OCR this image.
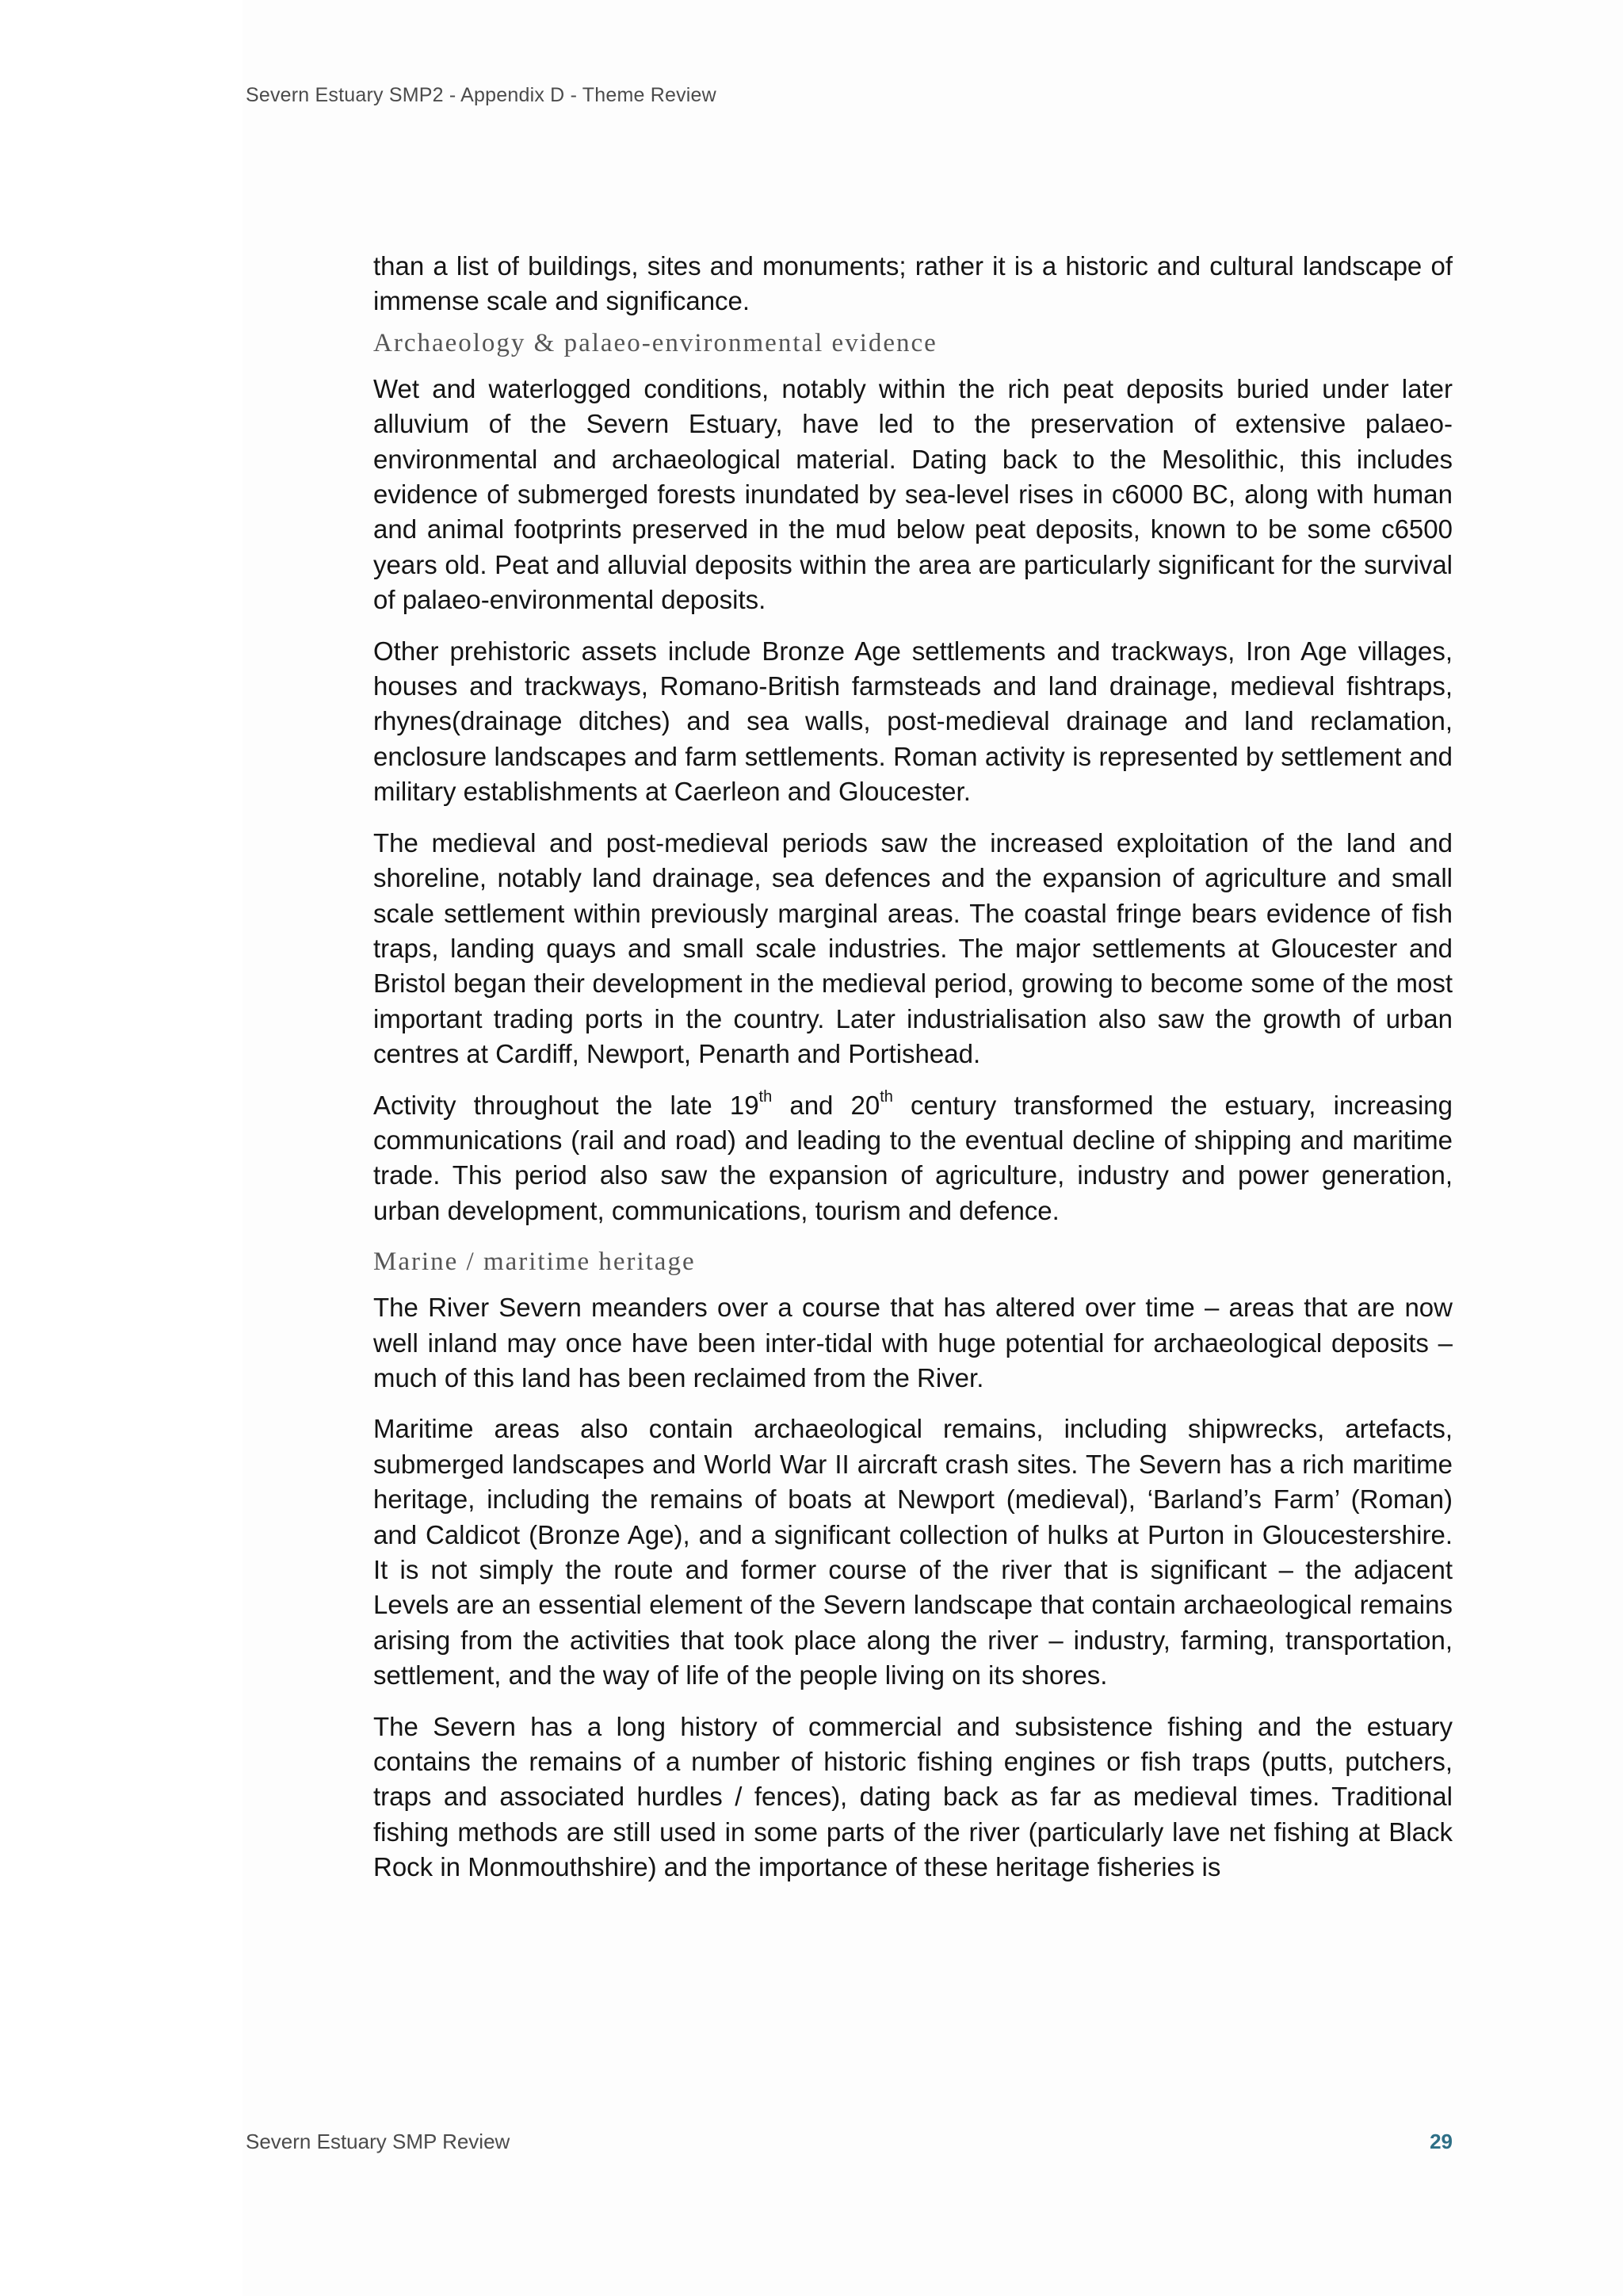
Severn Estuary SMP2 - Appendix D - Theme Review

than a list of buildings, sites and monuments; rather it is a historic and cultural landscape of immense scale and significance.

Archaeology & palaeo-environmental evidence

Wet and waterlogged conditions, notably within the rich peat deposits buried under later alluvium of the Severn Estuary, have led to the preservation of extensive palaeo-environmental and archaeological material. Dating back to the Mesolithic, this includes evidence of submerged forests inundated by sea-level rises in c6000 BC, along with human and animal footprints preserved in the mud below peat deposits, known to be some c6500 years old. Peat and alluvial deposits within the area are particularly significant for the survival of palaeo-environmental deposits.

Other prehistoric assets include Bronze Age settlements and trackways, Iron Age villages, houses and trackways, Romano-British farmsteads and land drainage, medieval fishtraps, rhynes(drainage ditches) and sea walls, post-medieval drainage and land reclamation, enclosure landscapes and farm settlements. Roman activity is represented by settlement and military establishments at Caerleon and Gloucester.

The medieval and post-medieval periods saw the increased exploitation of the land and shoreline, notably land drainage, sea defences and the expansion of agriculture and small scale settlement within previously marginal areas. The coastal fringe bears evidence of fish traps, landing quays and small scale industries. The major settlements at Gloucester and Bristol began their development in the medieval period, growing to become some of the most important trading ports in the country. Later industrialisation also saw the growth of urban centres at Cardiff, Newport, Penarth and Portishead.

Activity throughout the late 19th and 20th century transformed the estuary, increasing communications (rail and road) and leading to the eventual decline of shipping and maritime trade. This period also saw the expansion of agriculture, industry and power generation, urban development, communications, tourism and defence.

Marine / maritime heritage

The River Severn meanders over a course that has altered over time – areas that are now well inland may once have been inter-tidal with huge potential for archaeological deposits – much of this land has been reclaimed from the River.

Maritime areas also contain archaeological remains, including shipwrecks, artefacts, submerged landscapes and World War II aircraft crash sites. The Severn has a rich maritime heritage, including the remains of boats at Newport (medieval), ‘Barland’s Farm’ (Roman) and Caldicot (Bronze Age), and a significant collection of hulks at Purton in Gloucestershire. It is not simply the route and former course of the river that is significant – the adjacent Levels are an essential element of the Severn landscape that contain archaeological remains arising from the activities that took place along the river – industry, farming, transportation, settlement, and the way of life of the people living on its shores.

The Severn has a long history of commercial and subsistence fishing and the estuary contains the remains of a number of historic fishing engines or fish traps (putts, putchers, traps and associated hurdles / fences), dating back as far as medieval times. Traditional fishing methods are still used in some parts of the river (particularly lave net fishing at Black Rock in Monmouthshire) and the importance of these heritage fisheries is

Severn Estuary SMP Review	29
